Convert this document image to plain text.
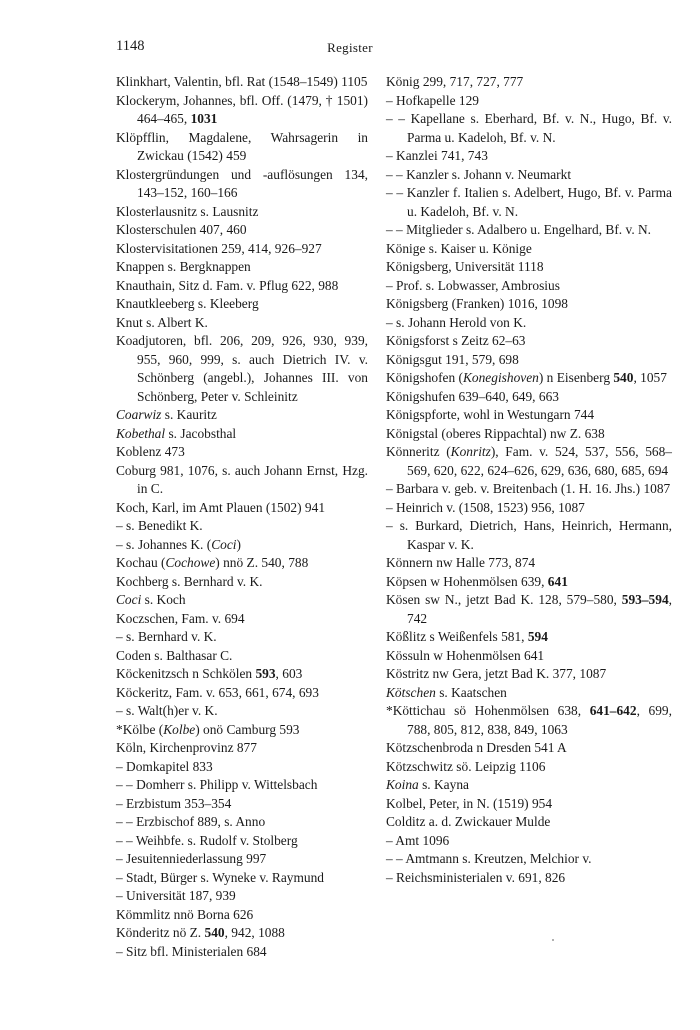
1148	Register
Klinkhart, Valentin, bfl. Rat (1548–1549) 1105
Klockerym, Johannes, bfl. Off. (1479, † 1501) 464–465, 1031
Klöpfflin, Magdalene, Wahrsagerin in Zwickau (1542) 459
Klostergründungen und -auflösungen 134, 143–152, 160–166
Klosterlausnitz s. Lausnitz
Klosterschulen 407, 460
Klostervisitationen 259, 414, 926–927
Knappen s. Bergknappen
Knauthain, Sitz d. Fam. v. Pflug 622, 988
Knautkleeberg s. Kleeberg
Knut s. Albert K.
Koadjutoren, bfl. 206, 209, 926, 930, 939, 955, 960, 999, s. auch Dietrich IV. v. Schönberg (angebl.), Johannes III. von Schönberg, Peter v. Schleinitz
Coarwiz s. Kauritz
Kobethal s. Jacobsthal
Koblenz 473
Coburg 981, 1076, s. auch Johann Ernst, Hzg. in C.
Koch, Karl, im Amt Plauen (1502) 941
– s. Benedikt K.
– s. Johannes K. (Coci)
Kochau (Cochowe) nnö Z. 540, 788
Kochberg s. Bernhard v. K.
Coci s. Koch
Koczschen, Fam. v. 694
– s. Bernhard v. K.
Coden s. Balthasar C.
Köckenitzsch n Schkölen 593, 603
Köckeritz, Fam. v. 653, 661, 674, 693
– s. Walt(h)er v. K.
*Kölbe (Kolbe) onö Camburg 593
Köln, Kirchenprovinz 877
– Domkapitel 833
– – Domherr s. Philipp v. Wittelsbach
– Erzbistum 353–354
– – Erzbischof 889, s. Anno
– – Weihbfe. s. Rudolf v. Stolberg
– Jesuitenniederlassung 997
– Stadt, Bürger s. Wyneke v. Raymund
– Universität 187, 939
Kömmlitz nnö Borna 626
Könderitz nö Z. 540, 942, 1088
– Sitz bfl. Ministerialen 684
König 299, 717, 727, 777
– Hofkapelle 129
– – Kapellane s. Eberhard, Bf. v. N., Hugo, Bf. v. Parma u. Kadeloh, Bf. v. N.
– Kanzlei 741, 743
– – Kanzler s. Johann v. Neumarkt
– – Kanzler f. Italien s. Adelbert, Hugo, Bf. v. Parma u. Kadeloh, Bf. v. N.
– – Mitglieder s. Adalbero u. Engelhard, Bf. v. N.
Könige s. Kaiser u. Könige
Königsberg, Universität 1118
– Prof. s. Lobwasser, Ambrosius
Königsberg (Franken) 1016, 1098
– s. Johann Herold von K.
Königsforst s Zeitz 62–63
Königsgut 191, 579, 698
Königshofen (Konegishoven) n Eisenberg 540, 1057
Königshufen 639–640, 649, 663
Königspforte, wohl in Westungarn 744
Königstal (oberes Rippachtal) nw Z. 638
Könneritz (Konritz), Fam. v. 524, 537, 556, 568–569, 620, 622, 624–626, 629, 636, 680, 685, 694
– Barbara v. geb. v. Breitenbach (1. H. 16. Jhs.) 1087
– Heinrich v. (1508, 1523) 956, 1087
– s. Burkard, Dietrich, Hans, Heinrich, Hermann, Kaspar v. K.
Könnern nw Halle 773, 874
Köpsen w Hohenmölsen 639, 641
Kösen sw N., jetzt Bad K. 128, 579–580, 593–594, 742
Kößlitz s Weißenfels 581, 594
Kössuln w Hohenmölsen 641
Köstritz nw Gera, jetzt Bad K. 377, 1087
Kötschen s. Kaatschen
*Köttichau sö Hohenmölsen 638, 641–642, 699, 788, 805, 812, 838, 849, 1063
Kötzschenbroda n Dresden 541 A
Kötzschwitz sö. Leipzig 1106
Koina s. Kayna
Kolbel, Peter, in N. (1519) 954
Colditz a. d. Zwickauer Mulde
– Amt 1096
– – Amtmann s. Kreutzen, Melchior v.
– Reichsministerialen v. 691, 826
